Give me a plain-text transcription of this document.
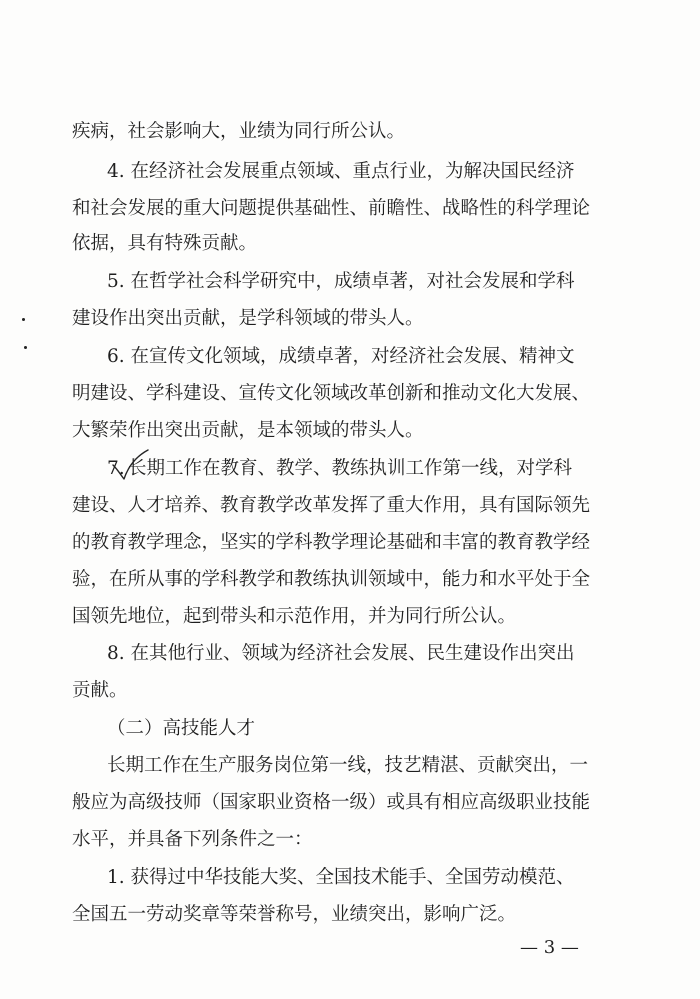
疾病，社会影响大，业绩为同行所公认。
4. 在经济社会发展重点领域、重点行业，为解决国民经济
和社会发展的重大问题提供基础性、前瞻性、战略性的科学理论
依据，具有特殊贡献。
5. 在哲学社会科学研究中，成绩卓著，对社会发展和学科
建设作出突出贡献，是学科领域的带头人。
6. 在宣传文化领域，成绩卓著，对经济社会发展、精神文
明建设、学科建设、宣传文化领域改革创新和推动文化大发展、
大繁荣作出突出贡献，是本领域的带头人。
7. 长期工作在教育、教学、教练执训工作第一线，对学科
建设、人才培养、教育教学改革发挥了重大作用，具有国际领先
的教育教学理念，坚实的学科教学理论基础和丰富的教育教学经
验，在所从事的学科教学和教练执训领域中，能力和水平处于全
国领先地位，起到带头和示范作用，并为同行所公认。
8. 在其他行业、领域为经济社会发展、民生建设作出突出
贡献。
（二）高技能人才
长期工作在生产服务岗位第一线，技艺精湛、贡献突出，一
般应为高级技师（国家职业资格一级）或具有相应高级职业技能
水平，并具备下列条件之一：
1. 获得过中华技能大奖、全国技术能手、全国劳动模范、
全国五一劳动奖章等荣誉称号，业绩突出，影响广泛。
— 3 —
